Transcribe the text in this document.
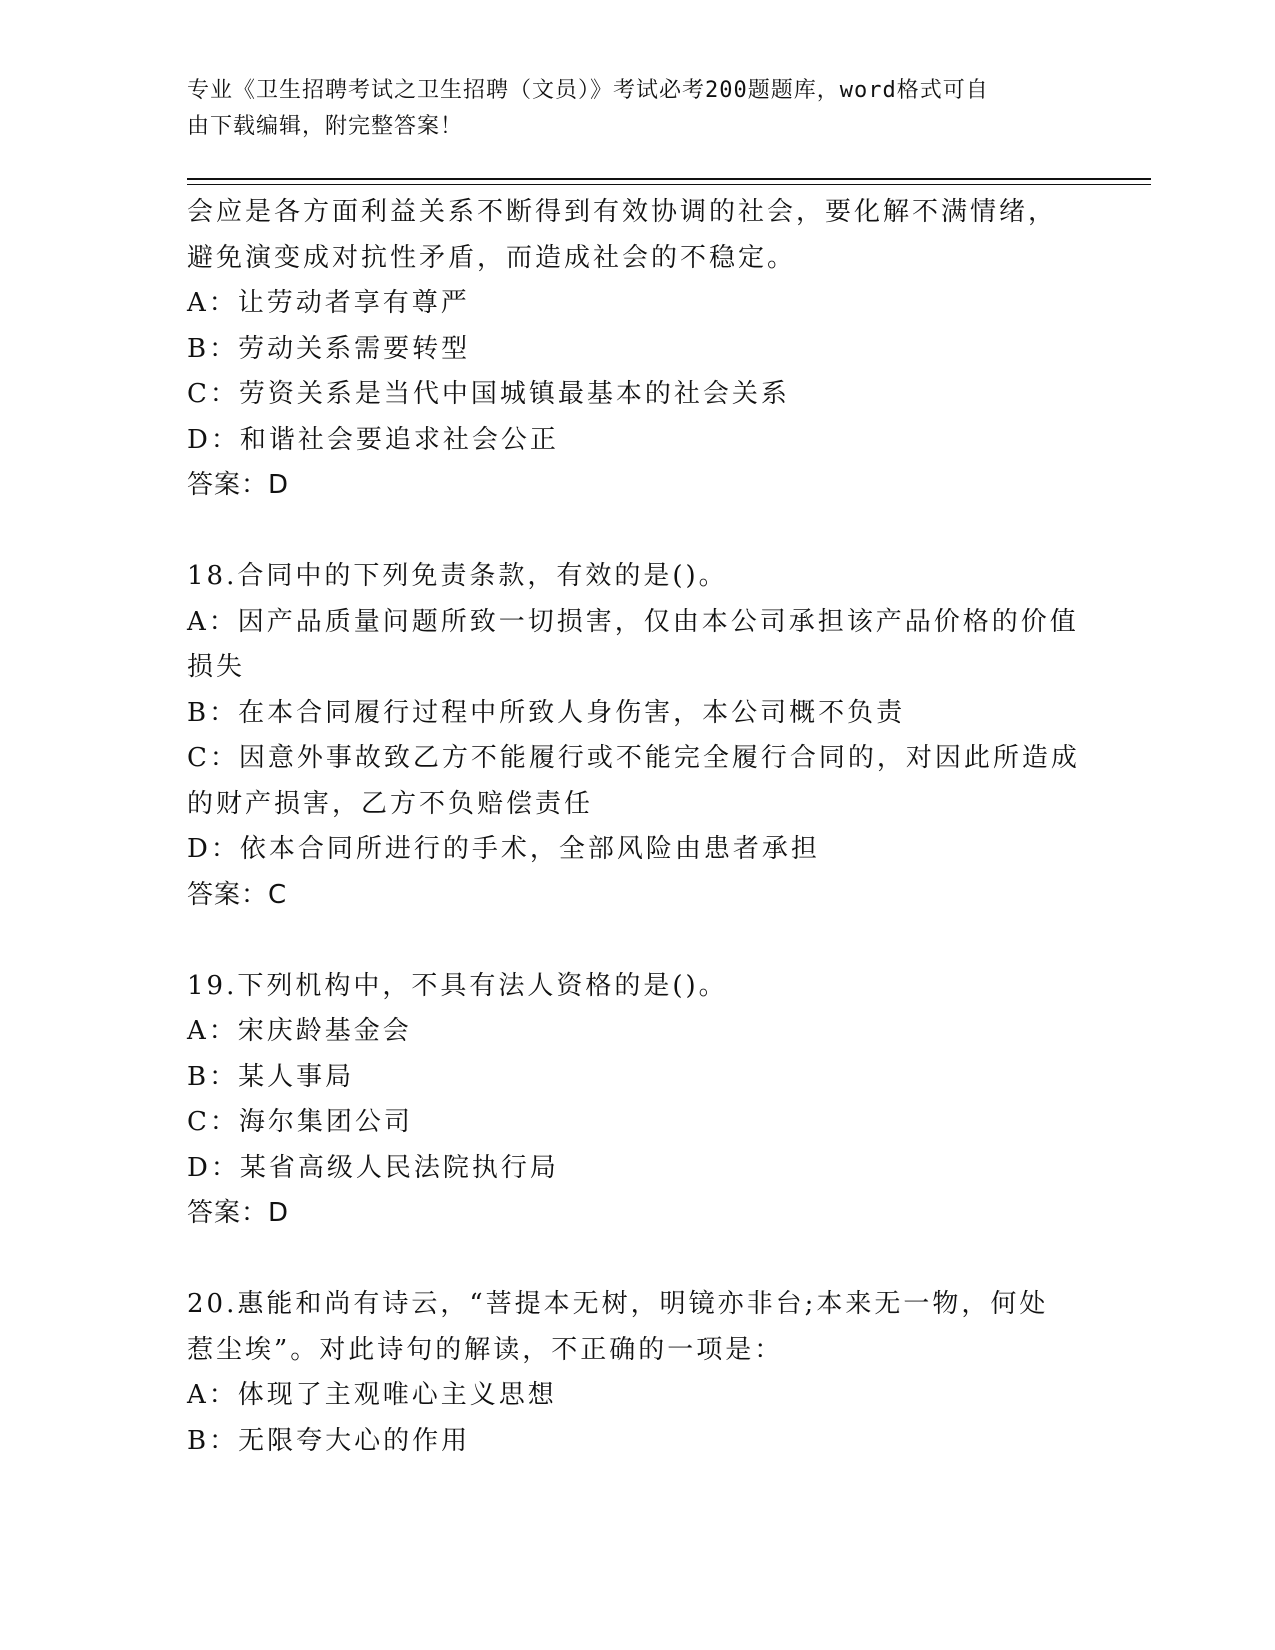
专业《卫生招聘考试之卫生招聘（文员）》考试必考200题题库，word格式可自
由下载编辑，附完整答案！

会应是各方面利益关系不断得到有效协调的社会，要化解不满情绪，

避免演变成对抗性矛盾，而造成社会的不稳定。

A：让劳动者享有尊严

B：劳动关系需要转型

C：劳资关系是当代中国城镇最基本的社会关系

D：和谐社会要追求社会公正

答案：D

18.合同中的下列免责条款，有效的是()。

A：因产品质量问题所致一切损害，仅由本公司承担该产品价格的价值

损失

B：在本合同履行过程中所致人身伤害，本公司概不负责

C：因意外事故致乙方不能履行或不能完全履行合同的，对因此所造成

的财产损害，乙方不负赔偿责任

D：依本合同所进行的手术，全部风险由患者承担

答案：C

19.下列机构中，不具有法人资格的是()。

A：宋庆龄基金会

B：某人事局

C：海尔集团公司

D：某省高级人民法院执行局

答案：D

20.惠能和尚有诗云，“菩提本无树，明镜亦非台;本来无一物，何处

惹尘埃”。对此诗句的解读，不正确的一项是：

A：体现了主观唯心主义思想

B：无限夸大心的作用
